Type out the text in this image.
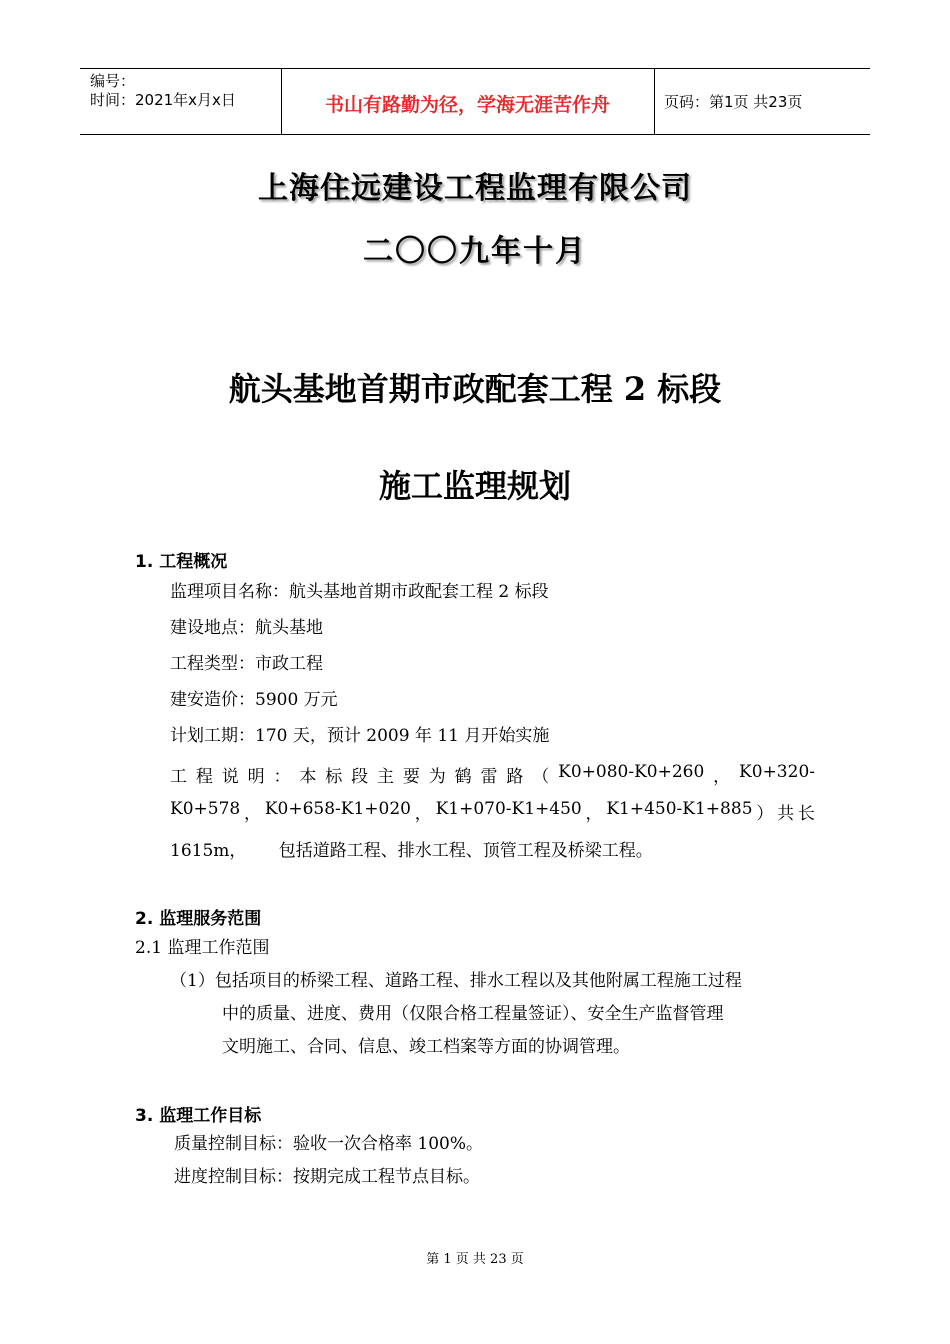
编号：
时间：2021年x月x日	书山有路勤为径，学海无涯苦作舟	页码：第1页 共23页
上海住远建设工程监理有限公司
二〇〇九年十月
航头基地首期市政配套工程 2 标段
施工监理规划
1. 工程概况
监理项目名称：航头基地首期市政配套工程 2 标段
建设地点：航头基地
工程类型：市政工程
建安造价：5900 万元
计划工期：170 天，预计 2009 年 11 月开始实施
工 程 说 明 ： 本 标 段 主 要 为 鹤 雷 路 （ K0+080-K0+260 ， K0+320-
K0+578 ， K0+658-K1+020 ， K1+070-K1+450 ， K1+450-K1+885 ） 共 长
1615m，      包括道路工程、排水工程、顶管工程及桥梁工程。
2. 监理服务范围
2.1 监理工作范围
（1）包括项目的桥梁工程、道路工程、排水工程以及其他附属工程施工过程
中的质量、进度、费用（仅限合格工程量签证）、安全生产监督管理
文明施工、合同、信息、竣工档案等方面的协调管理。
3. 监理工作目标
质量控制目标：验收一次合格率 100%。
进度控制目标：按期完成工程节点目标。
第 1 页 共 23 页
